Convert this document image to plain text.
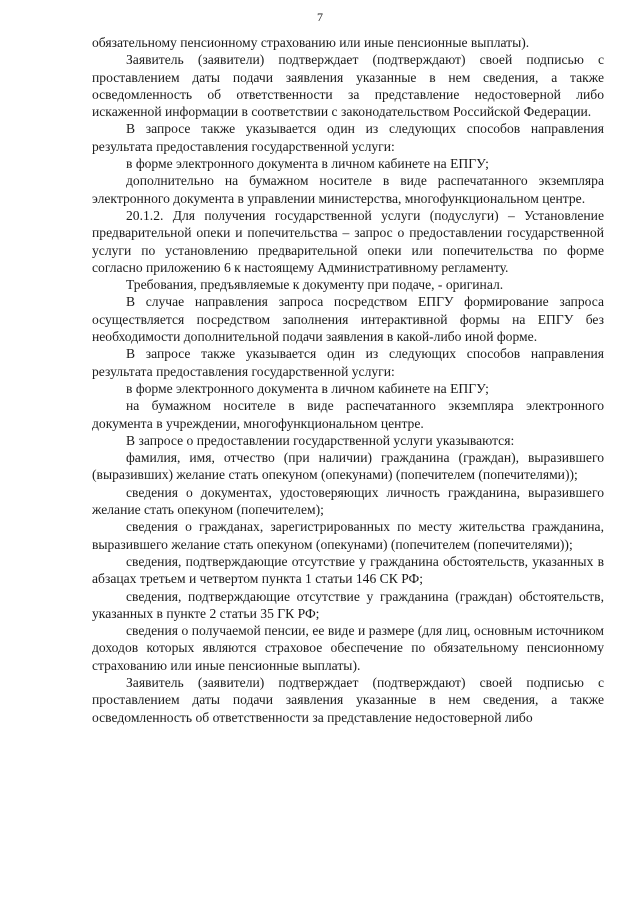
7

обязательному пенсионному страхованию или иные пенсионные выплаты).

Заявитель (заявители) подтверждает (подтверждают) своей подписью с проставлением даты подачи заявления указанные в нем сведения, а также осведомленность об ответственности за представление недостоверной либо искаженной информации в соответствии с законодательством Российской Федерации.

В запросе также указывается один из следующих способов направления результата предоставления государственной услуги:

в форме электронного документа в личном кабинете на ЕПГУ;

дополнительно на бумажном носителе в виде распечатанного экземпляра электронного документа в управлении министерства, многофункциональном центре.

20.1.2. Для получения государственной услуги (подуслуги) – Установление предварительной опеки и попечительства – запрос о предоставлении государственной услуги по установлению предварительной опеки или попечительства по форме согласно приложению 6 к настоящему Административному регламенту.

Требования, предъявляемые к документу при подаче, - оригинал.

В случае направления запроса посредством ЕПГУ формирование запроса осуществляется посредством заполнения интерактивной формы на ЕПГУ без необходимости дополнительной подачи заявления в какой-либо иной форме.

В запросе также указывается один из следующих способов направления результата предоставления государственной услуги:

в форме электронного документа в личном кабинете на ЕПГУ;

на бумажном носителе в виде распечатанного экземпляра электронного документа в учреждении, многофункциональном центре.

В запросе о предоставлении государственной услуги указываются:

фамилия, имя, отчество (при наличии) гражданина (граждан), выразившего (выразивших) желание стать опекуном (опекунами) (попечителем (попечителями));

сведения о документах, удостоверяющих личность гражданина, выразившего желание стать опекуном (попечителем);

сведения о гражданах, зарегистрированных по месту жительства гражданина, выразившего желание стать опекуном (опекунами) (попечителем (попечителями));

сведения, подтверждающие отсутствие у гражданина обстоятельств, указанных в абзацах третьем и четвертом пункта 1 статьи 146 СК РФ;

сведения, подтверждающие отсутствие у гражданина (граждан) обстоятельств, указанных в пункте 2 статьи 35 ГК РФ;

сведения о получаемой пенсии, ее виде и размере (для лиц, основным источником доходов которых являются страховое обеспечение по обязательному пенсионному страхованию или иные пенсионные выплаты).

Заявитель (заявители) подтверждает (подтверждают) своей подписью с проставлением даты подачи заявления указанные в нем сведения, а также осведомленность об ответственности за представление недостоверной либо
